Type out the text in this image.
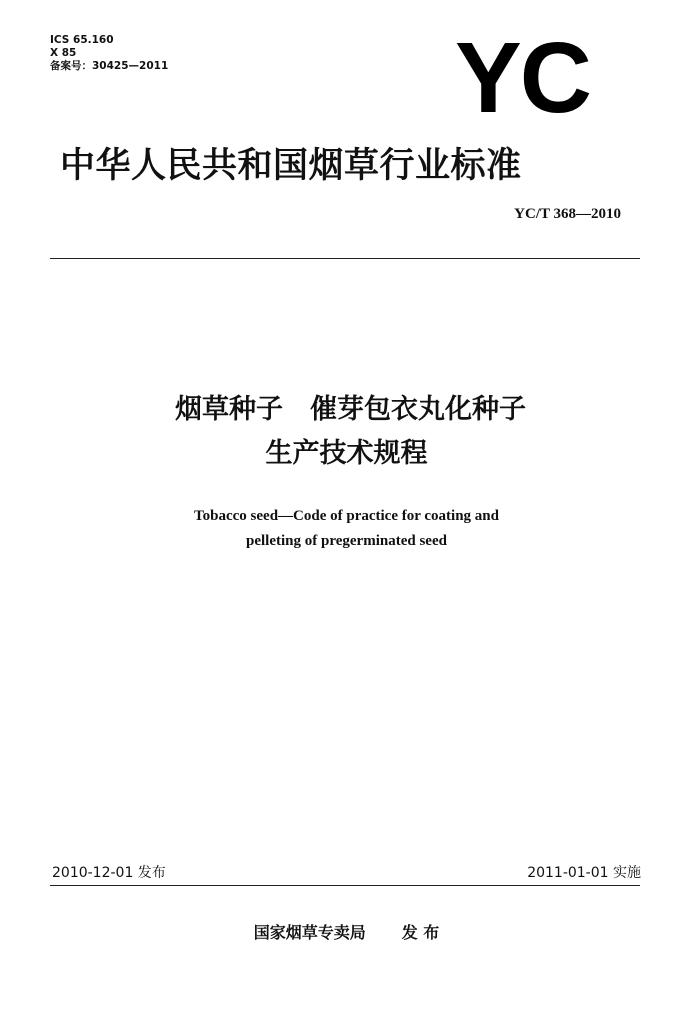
ICS 65.160
X 85
备案号：30425—2011	YC
中华人民共和国烟草行业标准
YC/T 368—2010
烟草种子　催芽包衣丸化种子
生产技术规程
Tobacco seed—Code of practice for coating and
pelleting of pregerminated seed
2010-12-01 发布	2011-01-01 实施
国家烟草专卖局 发 布
